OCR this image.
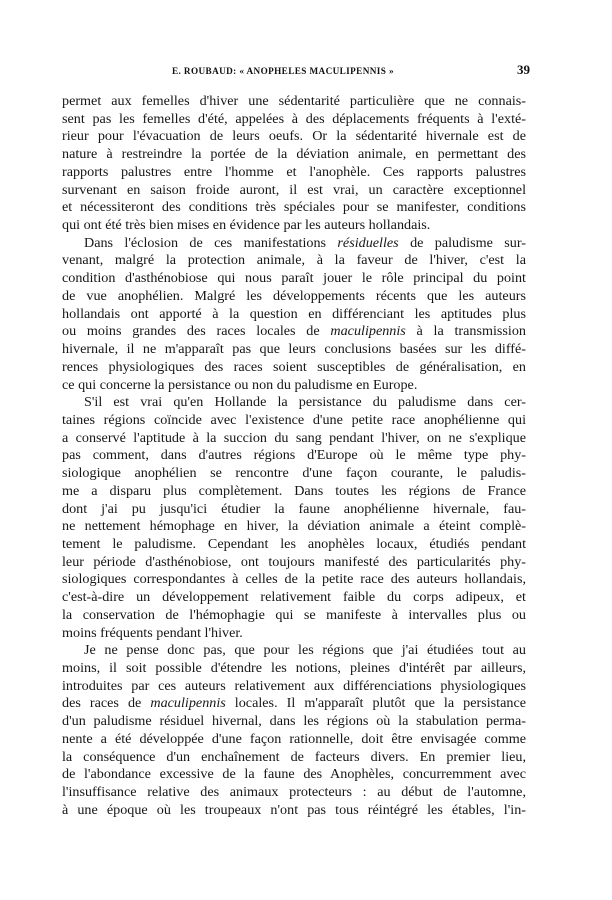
E. ROUBAUD: « ANOPHELES MACULIPENNIS »	39
permet aux femelles d'hiver une sédentarité particulière que ne connais-
sent pas les femelles d'été, appelées à des déplacements fréquents à l'exté-
rieur pour l'évacuation de leurs oeufs. Or la sédentarité hivernale est de
nature à restreindre la portée de la déviation animale, en permettant des
rapports palustres entre l'homme et l'anophèle. Ces rapports palustres
survenant en saison froide auront, il est vrai, un caractère exceptionnel
et nécessiteront des conditions très spéciales pour se manifester, conditions
qui ont été très bien mises en évidence par les auteurs hollandais.
Dans l'éclosion de ces manifestations résiduelles de paludisme sur-
venant, malgré la protection animale, à la faveur de l'hiver, c'est la
condition d'asthénobiose qui nous paraît jouer le rôle principal du point
de vue anophélien. Malgré les développements récents que les auteurs
hollandais ont apporté à la question en différenciant les aptitudes plus
ou moins grandes des races locales de maculipennis à la transmission
hivernale, il ne m'apparaît pas que leurs conclusions basées sur les diffé-
rences physiologiques des races soient susceptibles de généralisation, en
ce qui concerne la persistance ou non du paludisme en Europe.
S'il est vrai qu'en Hollande la persistance du paludisme dans cer-
taines régions coïncide avec l'existence d'une petite race anophélienne qui
a conservé l'aptitude à la succion du sang pendant l'hiver, on ne s'explique
pas comment, dans d'autres régions d'Europe où le même type phy-
siologique anophélien se rencontre d'une façon courante, le paludis-
me a disparu plus complètement. Dans toutes les régions de France
dont j'ai pu jusqu'ici étudier la faune anophélienne hivernale, fau-
ne nettement hémophage en hiver, la déviation animale a éteint complè-
tement le paludisme. Cependant les anophèles locaux, étudiés pendant
leur période d'asthénobiose, ont toujours manifesté des particularités phy-
siologiques correspondantes à celles de la petite race des auteurs hollandais,
c'est-à-dire un développement relativement faible du corps adipeux, et
la conservation de l'hémophagie qui se manifeste à intervalles plus ou
moins fréquents pendant l'hiver.
Je ne pense donc pas, que pour les régions que j'ai étudiées tout au
moins, il soit possible d'étendre les notions, pleines d'intérêt par ailleurs,
introduites par ces auteurs relativement aux différenciations physiologiques
des races de maculipennis locales. Il m'apparaît plutôt que la persistance
d'un paludisme résiduel hivernal, dans les régions où la stabulation perma-
nente a été développée d'une façon rationnelle, doit être envisagée comme
la conséquence d'un enchaînement de facteurs divers. En premier lieu,
de l'abondance excessive de la faune des Anophèles, concurremment avec
l'insuffisance relative des animaux protecteurs : au début de l'automne,
à une époque où les troupeaux n'ont pas tous réintégré les étables, l'in-
